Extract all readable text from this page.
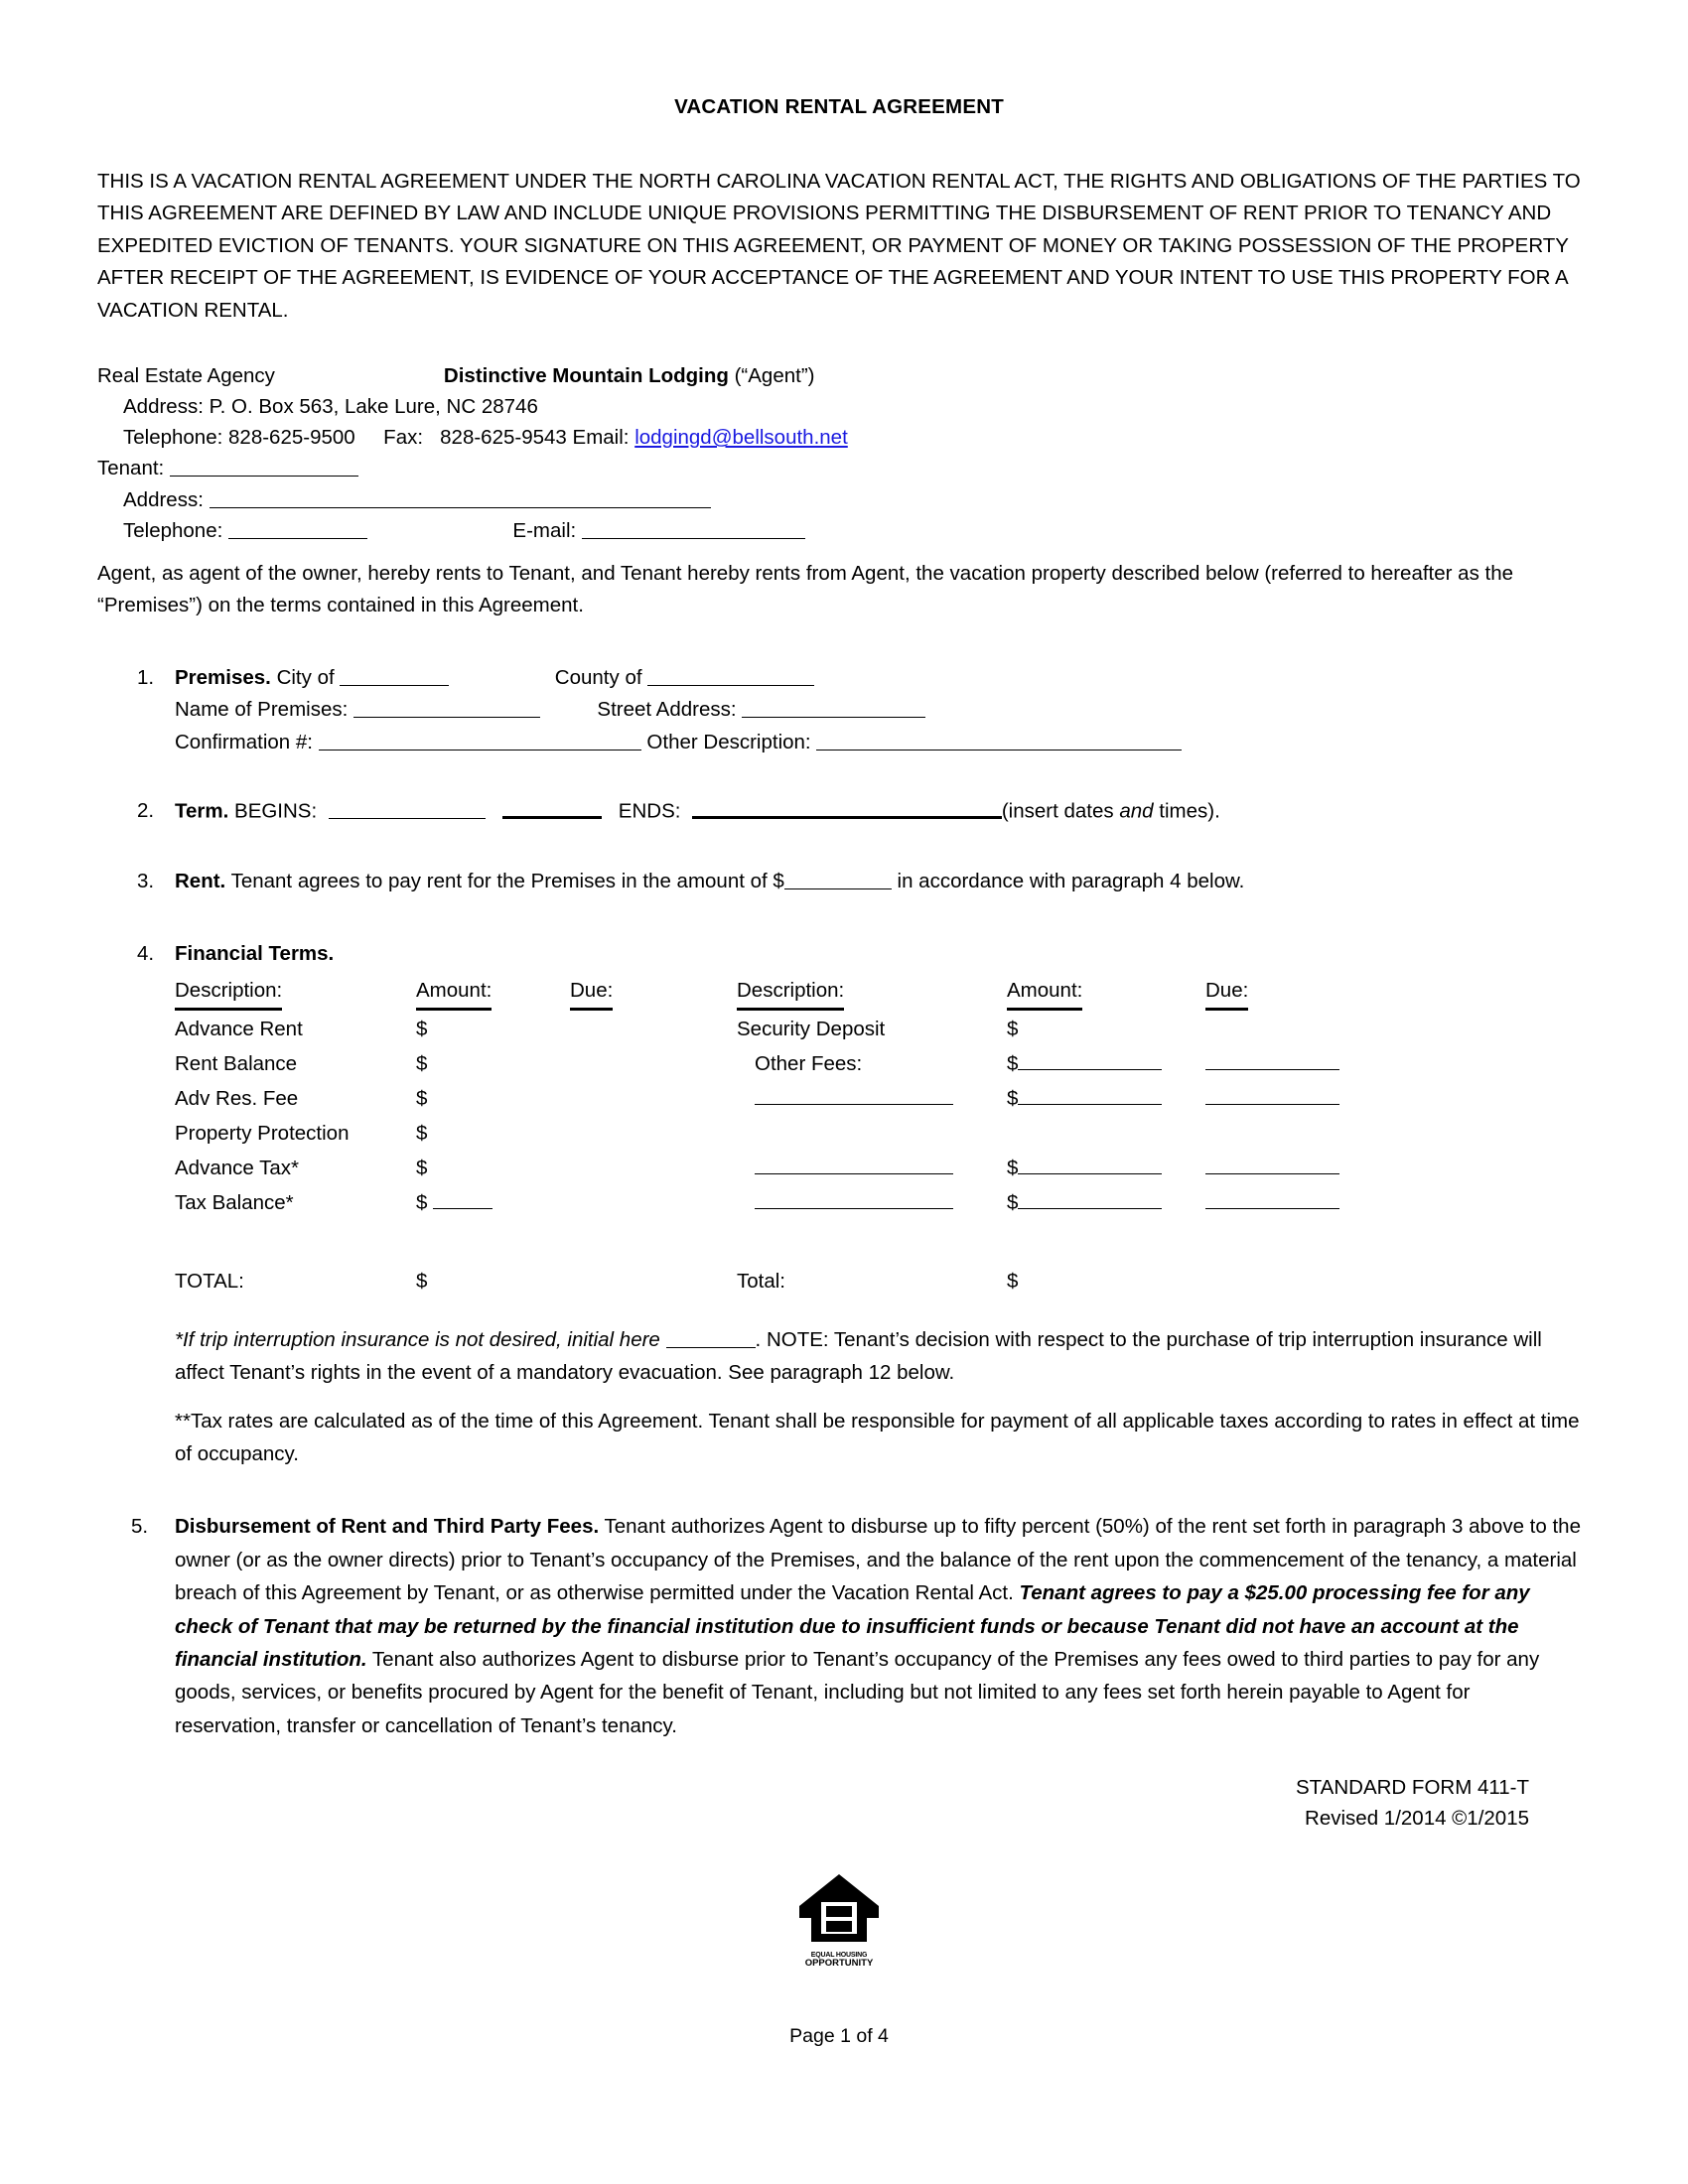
VACATION RENTAL AGREEMENT
THIS IS A VACATION RENTAL AGREEMENT UNDER THE NORTH CAROLINA VACATION RENTAL ACT, THE RIGHTS AND OBLIGATIONS OF THE PARTIES TO THIS AGREEMENT ARE DEFINED BY LAW AND INCLUDE UNIQUE PROVISIONS PERMITTING THE DISBURSEMENT OF RENT PRIOR TO TENANCY AND EXPEDITED EVICTION OF TENANTS. YOUR SIGNATURE ON THIS AGREEMENT, OR PAYMENT OF MONEY OR TAKING POSSESSION OF THE PROPERTY AFTER RECEIPT OF THE AGREEMENT, IS EVIDENCE OF YOUR ACCEPTANCE OF THE AGREEMENT AND YOUR INTENT TO USE THIS PROPERTY FOR A VACATION RENTAL.
Real Estate Agency	Distinctive Mountain Lodging (“Agent”)
Address: P. O. Box 563, Lake Lure, NC 28746
Telephone: 828-625-9500 Fax: 828-625-9543 Email: lodgingd@bellsouth.net
Tenant:
Address:
Telephone:	E-mail:
Agent, as agent of the owner, hereby rents to Tenant, and Tenant hereby rents from Agent, the vacation property described below (referred to hereafter as the “Premises”) on the terms contained in this Agreement.
1. Premises. City of	County of
Name of Premises:	Street Address:
Confirmation #:	Other Description:
2. Term. BEGINS:	ENDS:	(insert dates and times).
3. Rent. Tenant agrees to pay rent for the Premises in the amount of $	in accordance with paragraph 4 below.
4. Financial Terms.
Description:	Amount:	Due:		Description:	Amount:	Due:
Advance Rent	$			Security Deposit	$	
Rent Balance	$			Other Fees:	$	
Adv Res. Fee	$				$	
Property Protection	$					
Advance Tax*	$				$	
Tax Balance*	$				$	

TOTAL:	$			Total:	$	

*If trip interruption insurance is not desired, initial here	. NOTE: Tenant’s decision with respect to the purchase of trip interruption insurance will affect Tenant’s rights in the event of a mandatory evacuation. See paragraph 12 below.

**Tax rates are calculated as of the time of this Agreement. Tenant shall be responsible for payment of all applicable taxes according to rates in effect at time of occupancy.

5. Disbursement of Rent and Third Party Fees. Tenant authorizes Agent to disburse up to fifty percent (50%) of the rent set forth in paragraph 3 above to the owner (or as the owner directs) prior to Tenant’s occupancy of the Premises, and the balance of the rent upon the commencement of the tenancy, a material breach of this Agreement by Tenant, or as otherwise permitted under the Vacation Rental Act. Tenant agrees to pay a $25.00 processing fee for any check of Tenant that may be returned by the financial institution due to insufficient funds or because Tenant did not have an account at the financial institution. Tenant also authorizes Agent to disburse prior to Tenant’s occupancy of the Premises any fees owed to third parties to pay for any goods, services, or benefits procured by Agent for the benefit of Tenant, including but not limited to any fees set forth herein payable to Agent for reservation, transfer or cancellation of Tenant’s tenancy.
STANDARD FORM 411-T
Revised 1/2014 ©1/2015
EQUAL HOUSING
OPPORTUNITY
Page 1 of 4
